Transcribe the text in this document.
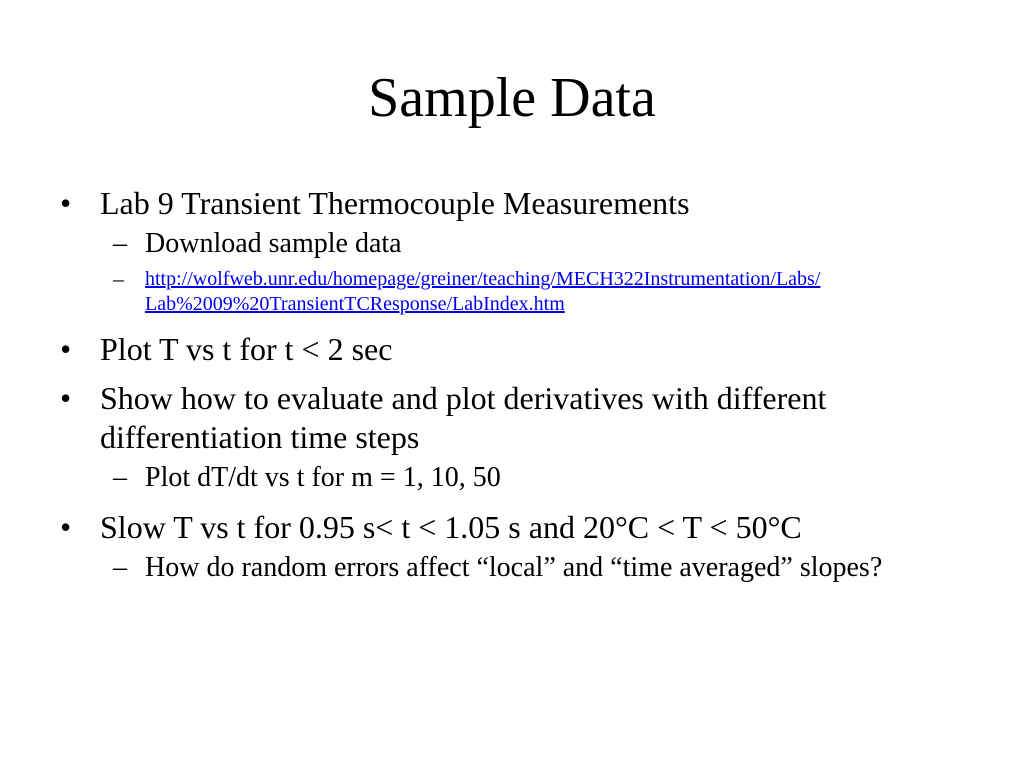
Sample Data
• Lab 9 Transient Thermocouple Measurements
– Download sample data
– http://wolfweb.unr.edu/homepage/greiner/teaching/MECH322Instrumentation/Labs/
Lab%2009%20TransientTCResponse/LabIndex.htm
• Plot T vs t for t < 2 sec
• Show how to evaluate and plot derivatives with different differentiation time steps
– Plot dT/dt vs t for m = 1, 10, 50
• Slow T vs t for 0.95 s< t < 1.05 s and 20°C < T < 50°C
– How do random errors affect “local” and “time averaged” slopes?
